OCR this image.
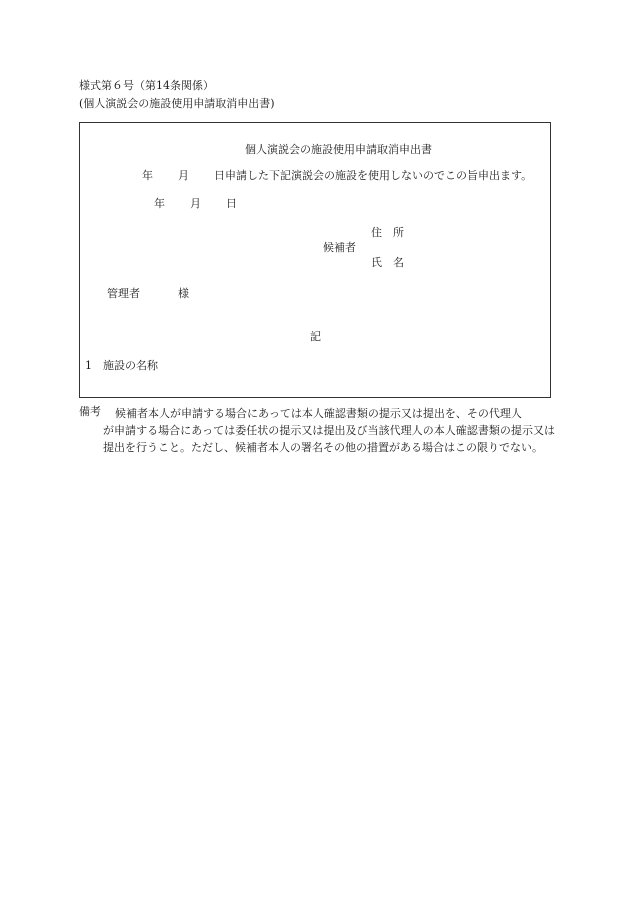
様式第６号（第14条関係）
(個人演説会の施設使用申請取消申出書)
個人演説会の施設使用申請取消申出書
年 月 日申請した下記演説会の施設を使用しないのでこの旨申出ます。
年 月 日
住　所
候補者
氏　名
管理者	様
記
1 施設の名称
備考 候補者本人が申請する場合にあっては本人確認書類の提示又は提出を、その代理人
が申請する場合にあっては委任状の提示又は提出及び当該代理人の本人確認書類の提示又は提出を行うこと。ただし、候補者本人の署名その他の措置がある場合はこの限りでない。
